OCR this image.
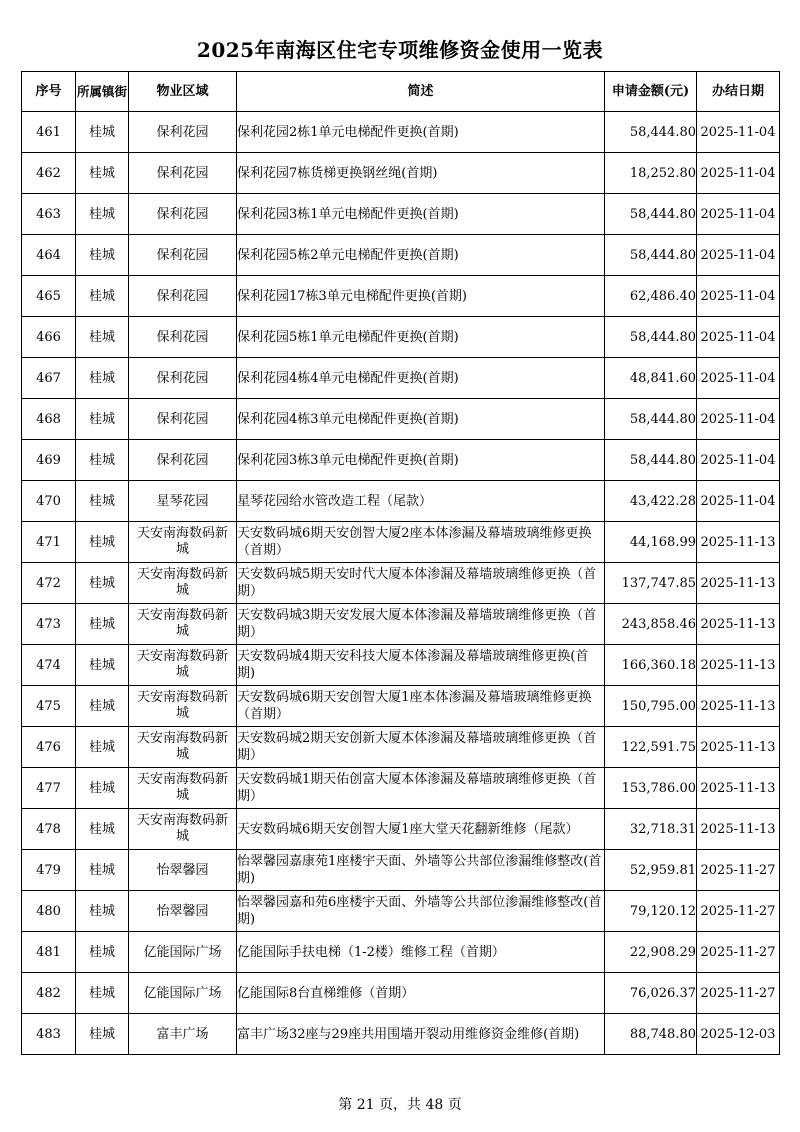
2025年南海区住宅专项维修资金使用一览表
序号	所属镇街	物业区域	简述	申请金额(元)	办结日期
461	桂城	保利花园	保利花园2栋1单元电梯配件更换(首期)	58,444.80	2025-11-04
462	桂城	保利花园	保利花园7栋货梯更换钢丝绳(首期)	18,252.80	2025-11-04
463	桂城	保利花园	保利花园3栋1单元电梯配件更换(首期)	58,444.80	2025-11-04
464	桂城	保利花园	保利花园5栋2单元电梯配件更换(首期)	58,444.80	2025-11-04
465	桂城	保利花园	保利花园17栋3单元电梯配件更换(首期)	62,486.40	2025-11-04
466	桂城	保利花园	保利花园5栋1单元电梯配件更换(首期)	58,444.80	2025-11-04
467	桂城	保利花园	保利花园4栋4单元电梯配件更换(首期)	48,841.60	2025-11-04
468	桂城	保利花园	保利花园4栋3单元电梯配件更换(首期)	58,444.80	2025-11-04
469	桂城	保利花园	保利花园3栋3单元电梯配件更换(首期)	58,444.80	2025-11-04
470	桂城	星琴花园	星琴花园给水管改造工程（尾款）	43,422.28	2025-11-04
471	桂城	天安南海数码新城	天安数码城6期天安创智大厦2座本体渗漏及幕墙玻璃维修更换（首期）	44,168.99	2025-11-13
472	桂城	天安南海数码新城	天安数码城5期天安时代大厦本体渗漏及幕墙玻璃维修更换（首期）	137,747.85	2025-11-13
473	桂城	天安南海数码新城	天安数码城3期天安发展大厦本体渗漏及幕墙玻璃维修更换（首期）	243,858.46	2025-11-13
474	桂城	天安南海数码新城	天安数码城4期天安科技大厦本体渗漏及幕墙玻璃维修更换(首期)	166,360.18	2025-11-13
475	桂城	天安南海数码新城	天安数码城6期天安创智大厦1座本体渗漏及幕墙玻璃维修更换（首期）	150,795.00	2025-11-13
476	桂城	天安南海数码新城	天安数码城2期天安创新大厦本体渗漏及幕墙玻璃维修更换（首期）	122,591.75	2025-11-13
477	桂城	天安南海数码新城	天安数码城1期天佑创富大厦本体渗漏及幕墙玻璃维修更换（首期）	153,786.00	2025-11-13
478	桂城	天安南海数码新城	天安数码城6期天安创智大厦1座大堂天花翻新维修（尾款）	32,718.31	2025-11-13
479	桂城	怡翠馨园	怡翠馨园嘉康苑1座楼宇天面、外墙等公共部位渗漏维修整改(首期)	52,959.81	2025-11-27
480	桂城	怡翠馨园	怡翠馨园嘉和苑6座楼宇天面、外墙等公共部位渗漏维修整改(首期)	79,120.12	2025-11-27
481	桂城	亿能国际广场	亿能国际手扶电梯（1-2楼）维修工程（首期）	22,908.29	2025-11-27
482	桂城	亿能国际广场	亿能国际8台直梯维修（首期）	76,026.37	2025-11-27
483	桂城	富丰广场	富丰广场32座与29座共用围墙开裂动用维修资金维修(首期)	88,748.80	2025-12-03
第 21 页，共 48 页
